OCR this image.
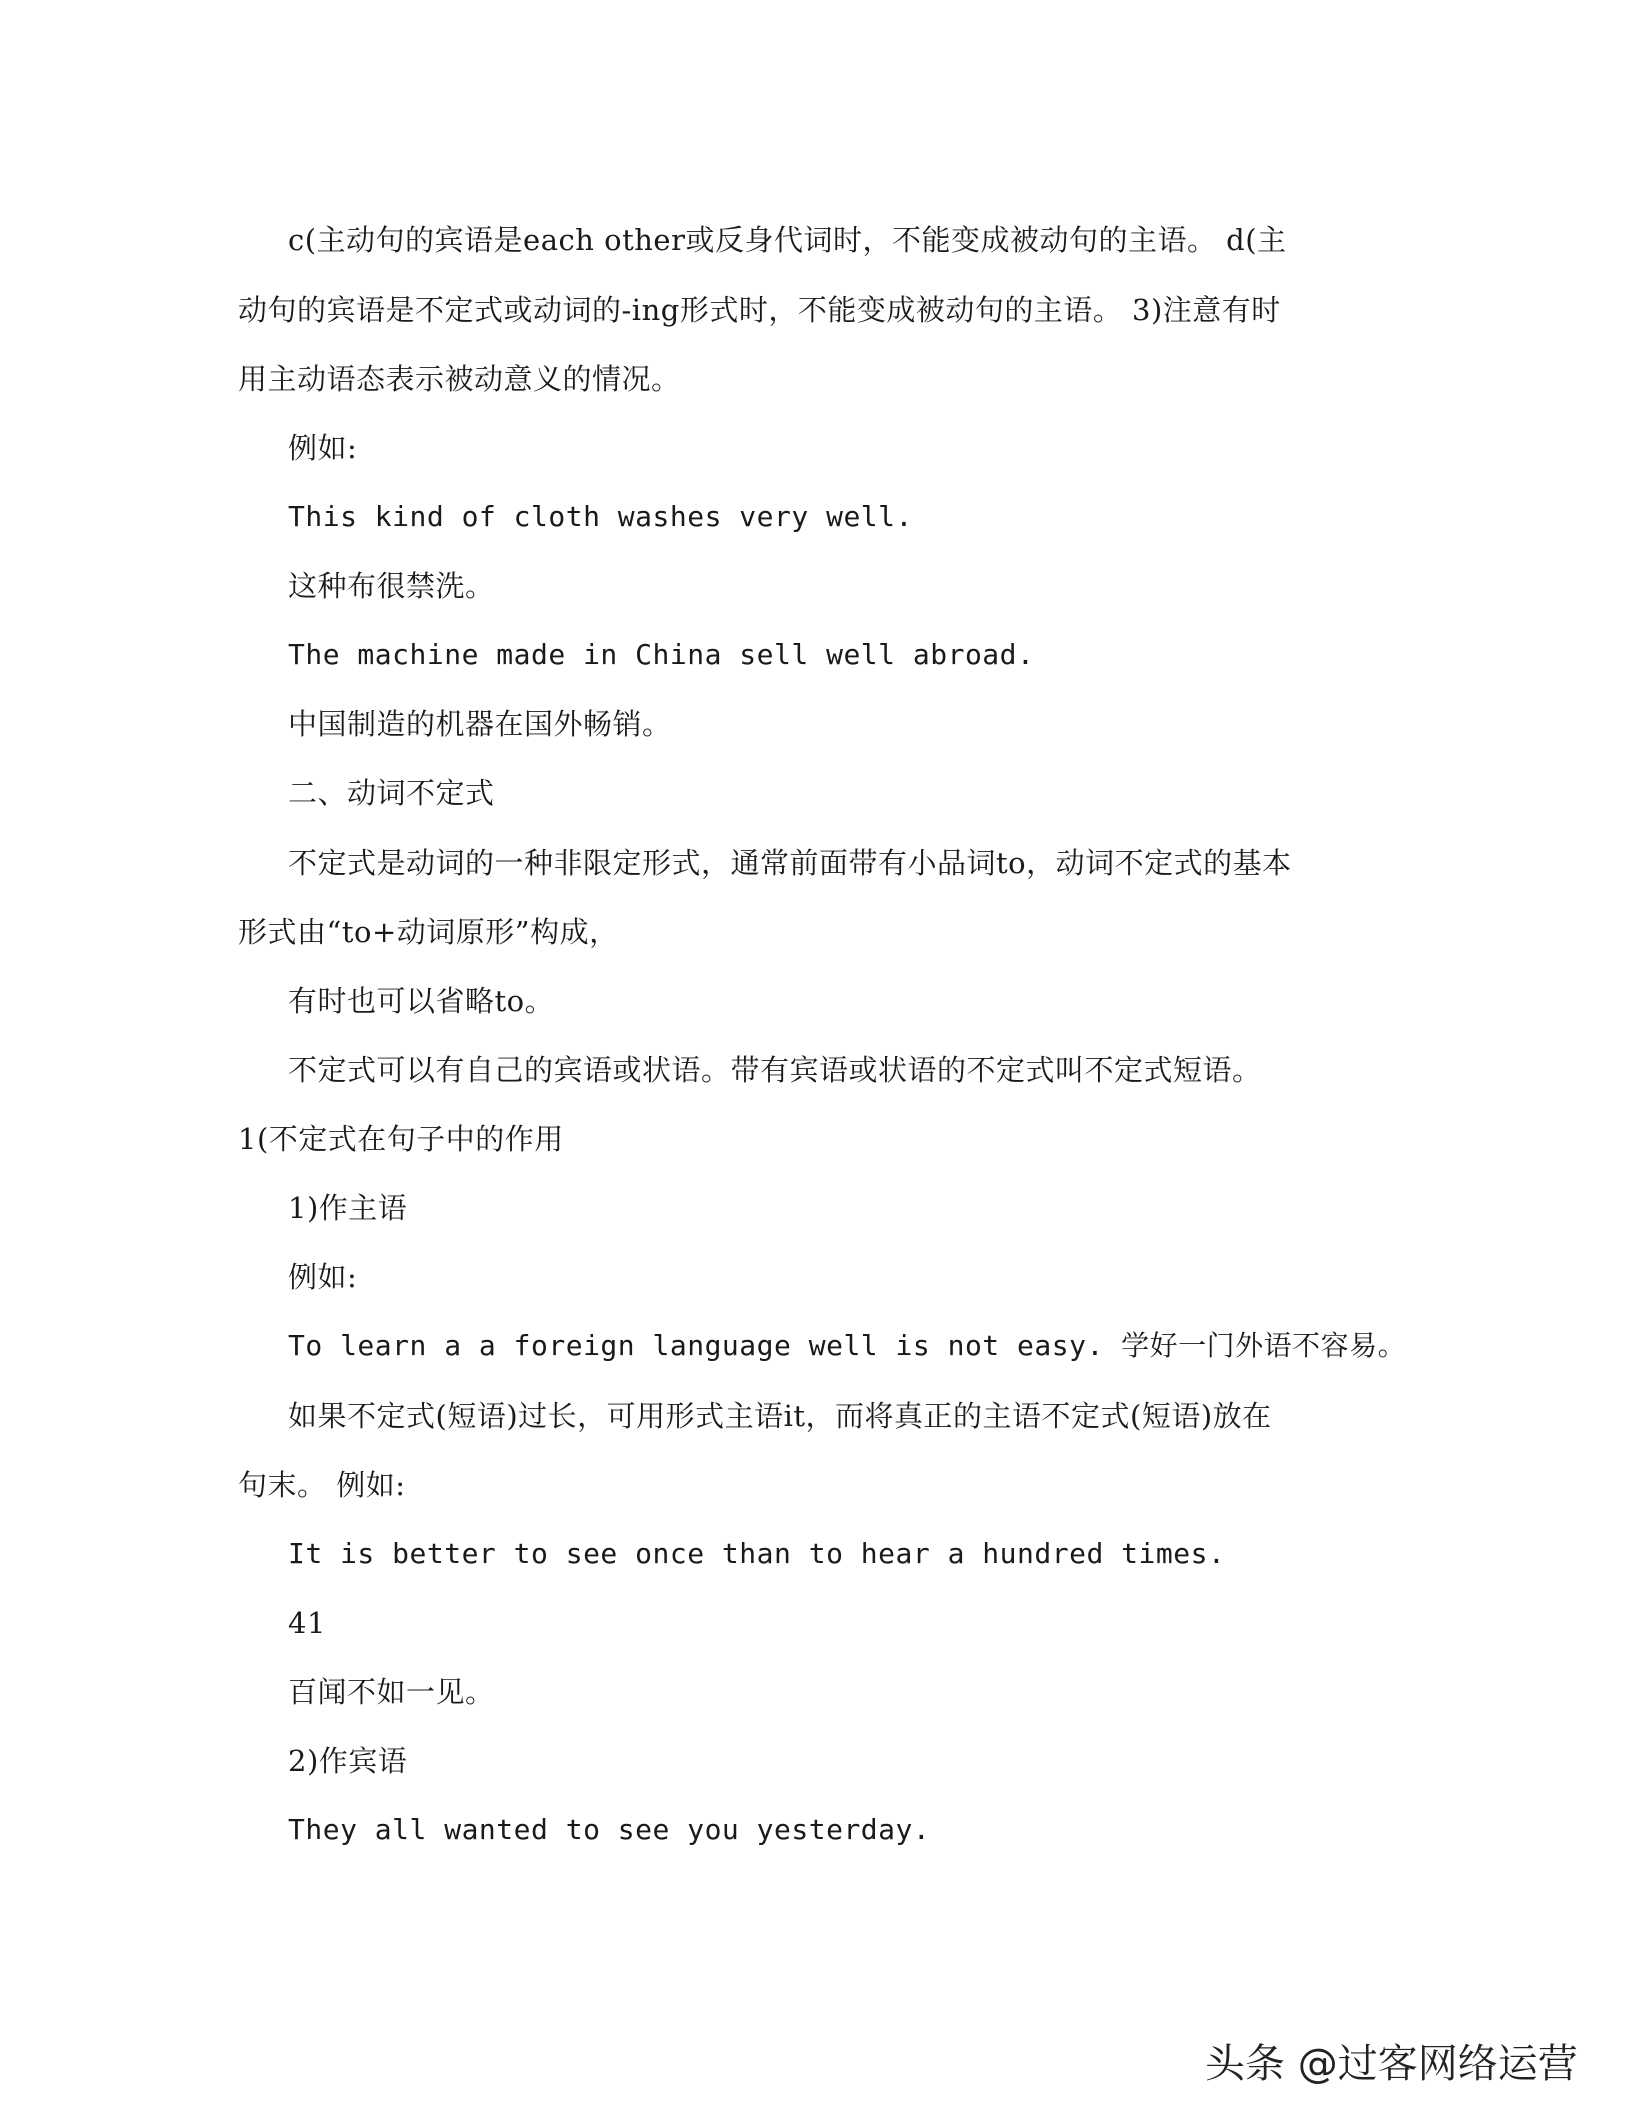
c(主动句的宾语是each other或反身代词时，不能变成被动句的主语。 d(主
动句的宾语是不定式或动词的-ing形式时，不能变成被动句的主语。 3)注意有时
用主动语态表示被动意义的情况。
例如:
This kind of cloth washes very well.
这种布很禁洗。
The machine made in China sell well abroad.
中国制造的机器在国外畅销。
二、动词不定式
不定式是动词的一种非限定形式，通常前面带有小品词to，动词不定式的基本
形式由“to+动词原形”构成，
有时也可以省略to。
不定式可以有自己的宾语或状语。带有宾语或状语的不定式叫不定式短语。
1(不定式在句子中的作用
1)作主语
例如:
To learn a a foreign language well is not easy. 学好一门外语不容易。
如果不定式(短语)过长，可用形式主语it，而将真正的主语不定式(短语)放在
句末。 例如:
It is better to see once than to hear a hundred times.
41
百闻不如一见。
2)作宾语
They all wanted to see you yesterday.
头条 @过客网络运营
